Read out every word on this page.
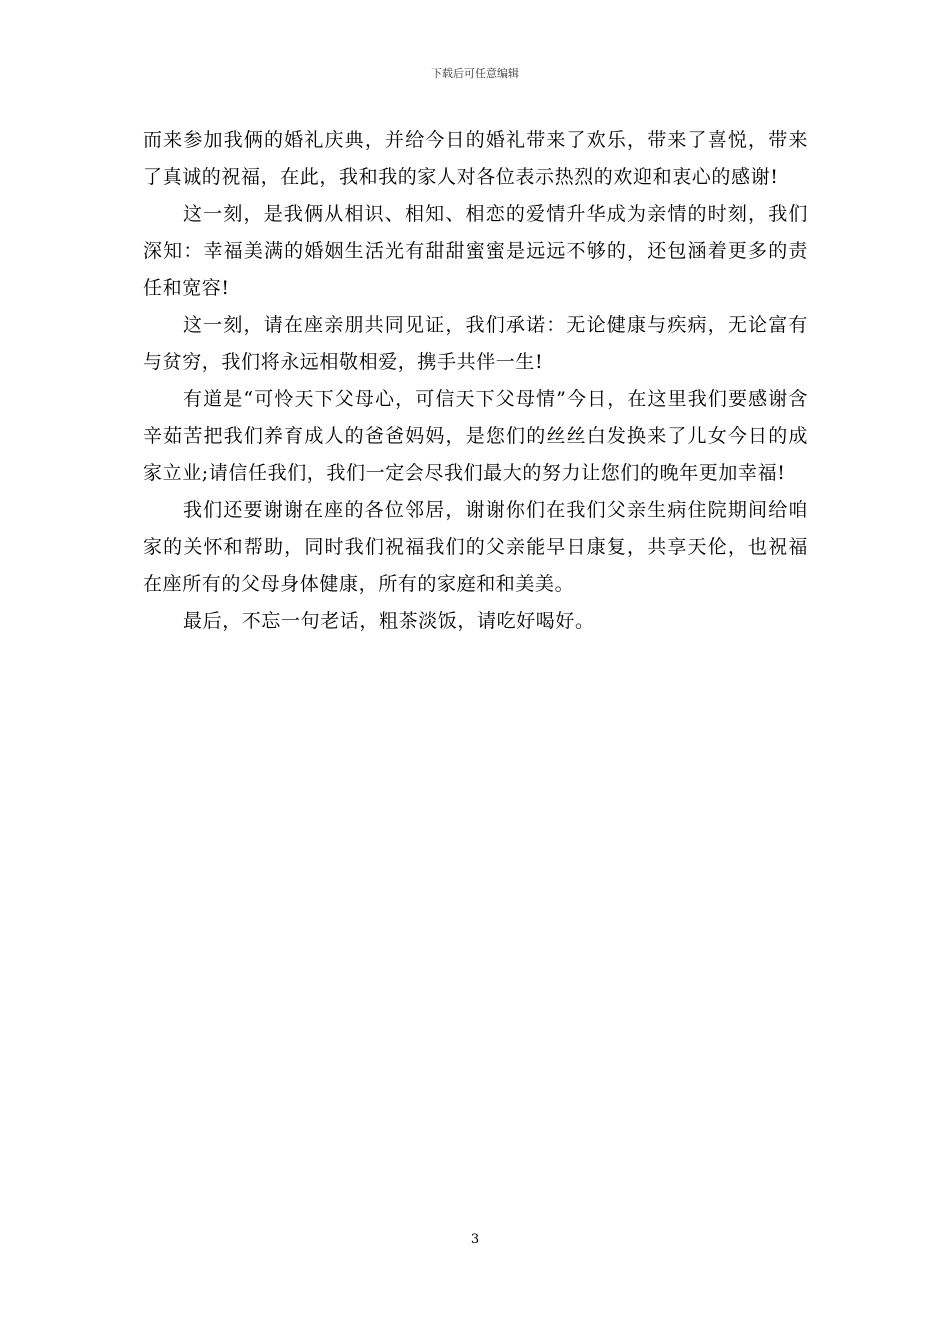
下载后可任意编辑

而来参加我俩的婚礼庆典，并给今日的婚礼带来了欢乐，带来了喜悦，带来了真诚的祝福，在此，我和我的家人对各位表示热烈的欢迎和衷心的感谢!

这一刻，是我俩从相识、相知、相恋的爱情升华成为亲情的时刻，我们深知：幸福美满的婚姻生活光有甜甜蜜蜜是远远不够的，还包涵着更多的责任和宽容!

这一刻，请在座亲朋共同见证，我们承诺：无论健康与疾病，无论富有与贫穷，我们将永远相敬相爱，携手共伴一生!

有道是“可怜天下父母心，可信天下父母情”今日，在这里我们要感谢含辛茹苦把我们养育成人的爸爸妈妈，是您们的丝丝白发换来了儿女今日的成家立业;请信任我们，我们一定会尽我们最大的努力让您们的晚年更加幸福!

我们还要谢谢在座的各位邻居，谢谢你们在我们父亲生病住院期间给咱家的关怀和帮助，同时我们祝福我们的父亲能早日康复，共享天伦，也祝福在座所有的父母身体健康，所有的家庭和和美美。

最后，不忘一句老话，粗茶淡饭，请吃好喝好。

3
